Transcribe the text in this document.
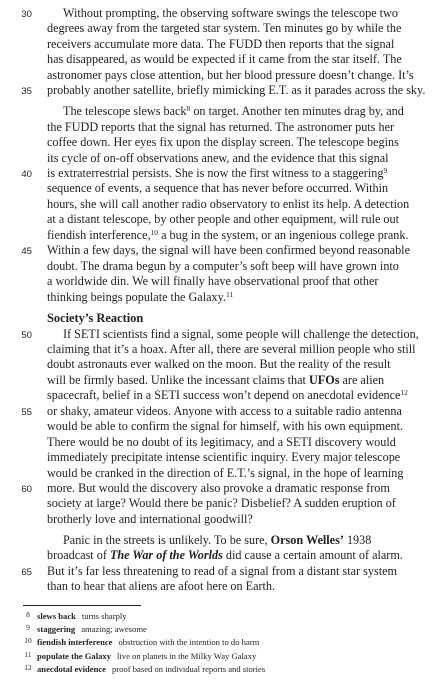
30	Without prompting, the observing software swings the telescope two
degrees away from the targeted star system. Ten minutes go by while the
receivers accumulate more data. The FUDD then reports that the signal
has disappeared, as would be expected if it came from the star itself. The
astronomer pays close attention, but her blood pressure doesn’t change. It’s
35 probably another satellite, briefly mimicking E.T. as it parades across the sky.
The telescope slews back$^8$ on target. Another ten minutes drag by, and
the FUDD reports that the signal has returned. The astronomer puts her
coffee down. Her eyes fix upon the display screen. The telescope begins
its cycle of on-off observations anew, and the evidence that this signal
40 is extraterrestrial persists. She is now the first witness to a staggering$^9$
sequence of events, a sequence that has never before occurred. Within
hours, she will call another radio observatory to enlist its help. A detection
at a distant telescope, by other people and other equipment, will rule out
fiendish interference,$^{10}$ a bug in the system, or an ingenious college prank.
45 Within a few days, the signal will have been confirmed beyond reasonable
doubt. The drama begun by a computer’s soft beep will have grown into
a worldwide din. We will finally have observational proof that other
thinking beings populate the Galaxy.$^{11}$
Society’s Reaction
50	If SETI scientists find a signal, some people will challenge the detection,
claiming that it’s a hoax. After all, there are several million people who still
doubt astronauts ever walked on the moon. But the reality of the result
will be firmly based. Unlike the incessant claims that UFOs are alien
spacecraft, belief in a SETI success won’t depend on anecdotal evidence$^{12}$
55 or shaky, amateur videos. Anyone with access to a suitable radio antenna
would be able to confirm the signal for himself, with his own equipment.
There would be no doubt of its legitimacy, and a SETI discovery would
immediately precipitate intense scientific inquiry. Every major telescope
would be cranked in the direction of E.T.’s signal, in the hope of learning
60 more. But would the discovery also provoke a dramatic response from
society at large? Would there be panic? Disbelief? A sudden eruption of
brotherly love and international goodwill?
Panic in the streets is unlikely. To be sure, Orson Welles’ 1938
broadcast of The War of the Worlds did cause a certain amount of alarm.
65 But it’s far less threatening to read of a signal from a distant star system
than to hear that aliens are afoot here on Earth.
8 slews back turns sharply
9 staggering amazing; awesome
10 fiendish interference obstruction with the intention to do harm
11 populate the Galaxy live on planets in the Milky Way Galaxy
12 anecdotal evidence proof based on individual reports and stories
